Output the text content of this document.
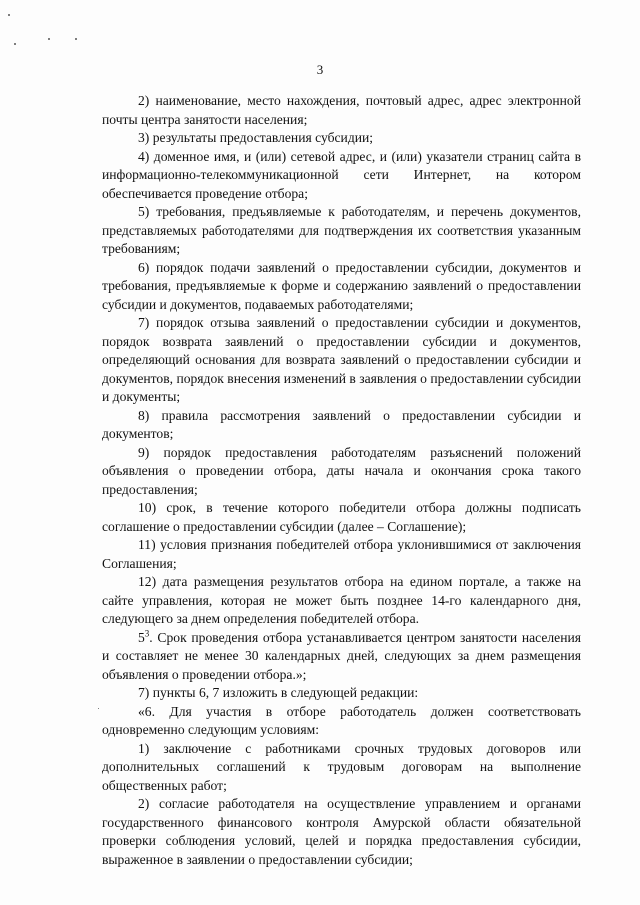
3

2) наименование, место нахождения, почтовый адрес, адрес электронной почты центра занятости населения;

3) результаты предоставления субсидии;

4) доменное имя, и (или) сетевой адрес, и (или) указатели страниц сайта в информационно-телекоммуникационной сети Интернет, на котором обеспечивается проведение отбора;

5) требования, предъявляемые к работодателям, и перечень документов, представляемых работодателями для подтверждения их соответствия указанным требованиям;

6) порядок подачи заявлений о предоставлении субсидии, документов и требования, предъявляемые к форме и содержанию заявлений о предоставлении субсидии и документов, подаваемых работодателями;

7) порядок отзыва заявлений о предоставлении субсидии и документов, порядок возврата заявлений о предоставлении субсидии и документов, определяющий основания для возврата заявлений о предоставлении субсидии и документов, порядок внесения изменений в заявления о предоставлении субсидии и документы;

8) правила рассмотрения заявлений о предоставлении субсидии и документов;

9) порядок предоставления работодателям разъяснений положений объявления о проведении отбора, даты начала и окончания срока такого предоставления;

10) срок, в течение которого победители отбора должны подписать соглашение о предоставлении субсидии (далее – Соглашение);

11) условия признания победителей отбора уклонившимися от заключения Соглашения;

12) дата размещения результатов отбора на едином портале, а также на сайте управления, которая не может быть позднее 14-го календарного дня, следующего за днем определения победителей отбора.

$5^3$. Срок проведения отбора устанавливается центром занятости населения и составляет не менее 30 календарных дней, следующих за днем размещения объявления о проведении отбора.»;

7) пункты 6, 7 изложить в следующей редакции:

«6. Для участия в отборе работодатель должен соответствовать одновременно следующим условиям:

1) заключение с работниками срочных трудовых договоров или дополнительных соглашений к трудовым договорам на выполнение общественных работ;

2) согласие работодателя на осуществление управлением и органами государственного финансового контроля Амурской области обязательной проверки соблюдения условий, целей и порядка предоставления субсидии, выраженное в заявлении о предоставлении субсидии;
